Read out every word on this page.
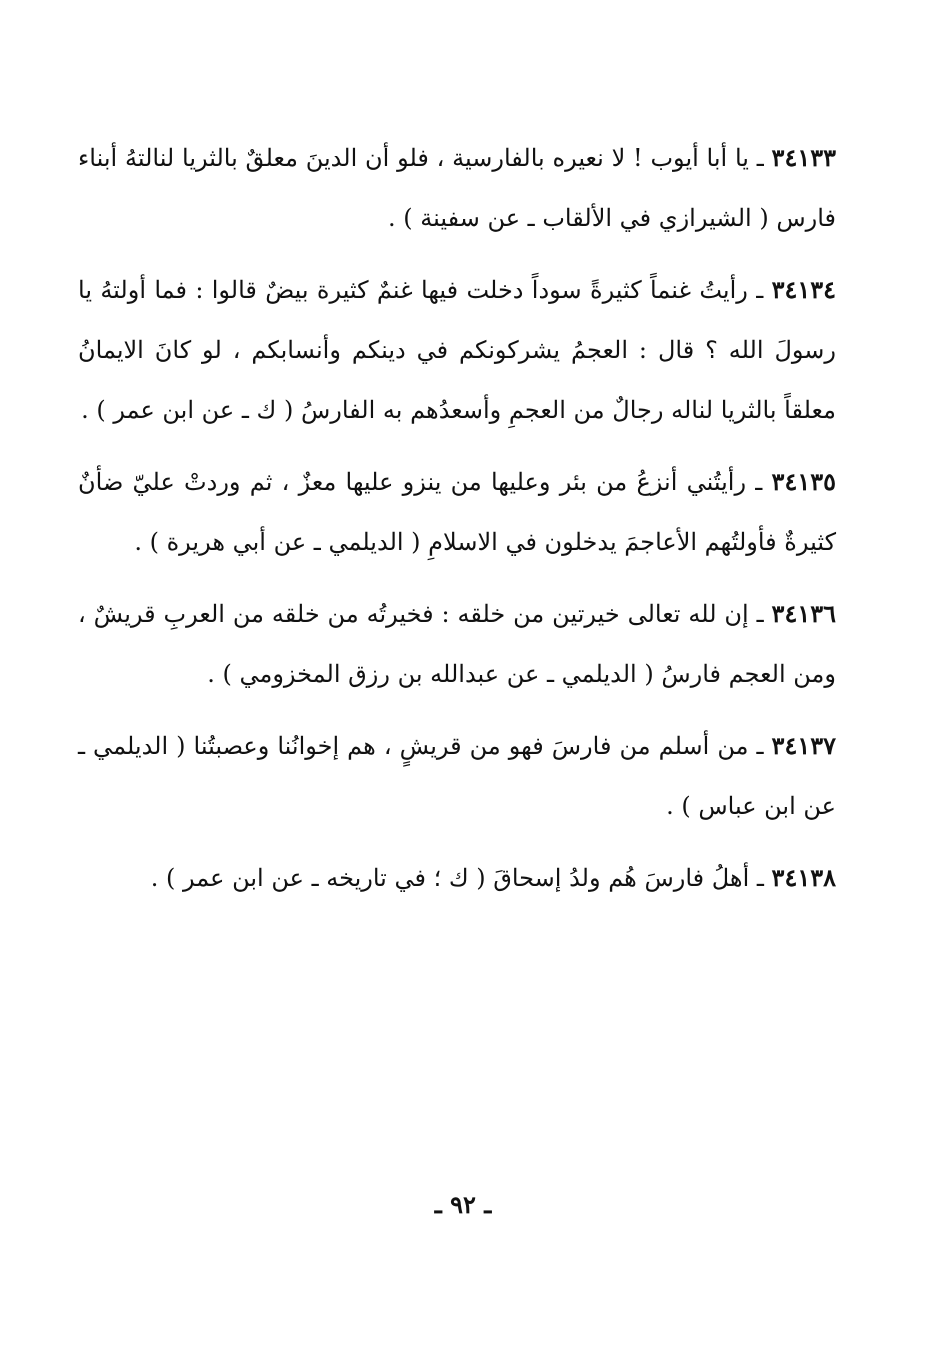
٣٤١٣٣ ـ يا أبا أيوب ! لا نعيره بالفارسية ، فلو أن الدينَ معلقٌ بالثريا لنالتهُ أبناء فارس ( الشيرازي في الألقاب ـ عن سفينة ) .

٣٤١٣٤ ـ رأيتُ غنماً كثيرةً سوداً دخلت فيها غنمٌ كثيرة بيضٌ قالوا : فما أولتهُ يا رسولَ الله ؟ قال : العجمُ يشركونكم في دينكم وأنسابكم ، لو كانَ الايمانُ معلقاً بالثريا لناله رجالٌ من العجمِ وأسعدُهم به الفارسُ ( ك ـ عن ابن عمر ) .

٣٤١٣٥ ـ رأيتُني أنزعُ من بئر وعليها من ينزو عليها معزٌ ، ثم وردتْ عليّ ضأنٌ كثيرةٌ فأولتُهم الأعاجمَ يدخلون في الاسلامِ ( الديلمي ـ عن أبي هريرة ) .

٣٤١٣٦ ـ إن لله تعالى خيرتين من خلقه : فخيرتُه من خلقه من العربِ قريشٌ ، ومن العجم فارسُ ( الديلمي ـ عن عبدالله بن رزق المخزومي ) .

٣٤١٣٧ ـ من أسلم من فارسَ فهو من قريشٍ ، هم إخوانُنا وعصبتُنا ( الديلمي ـ عن ابن عباس ) .

٣٤١٣٨ ـ أهلُ فارسَ هُم ولدُ إسحاقَ ( ك ؛ في تاريخه ـ عن ابن عمر ) .

ـ ٩٢ ـ
